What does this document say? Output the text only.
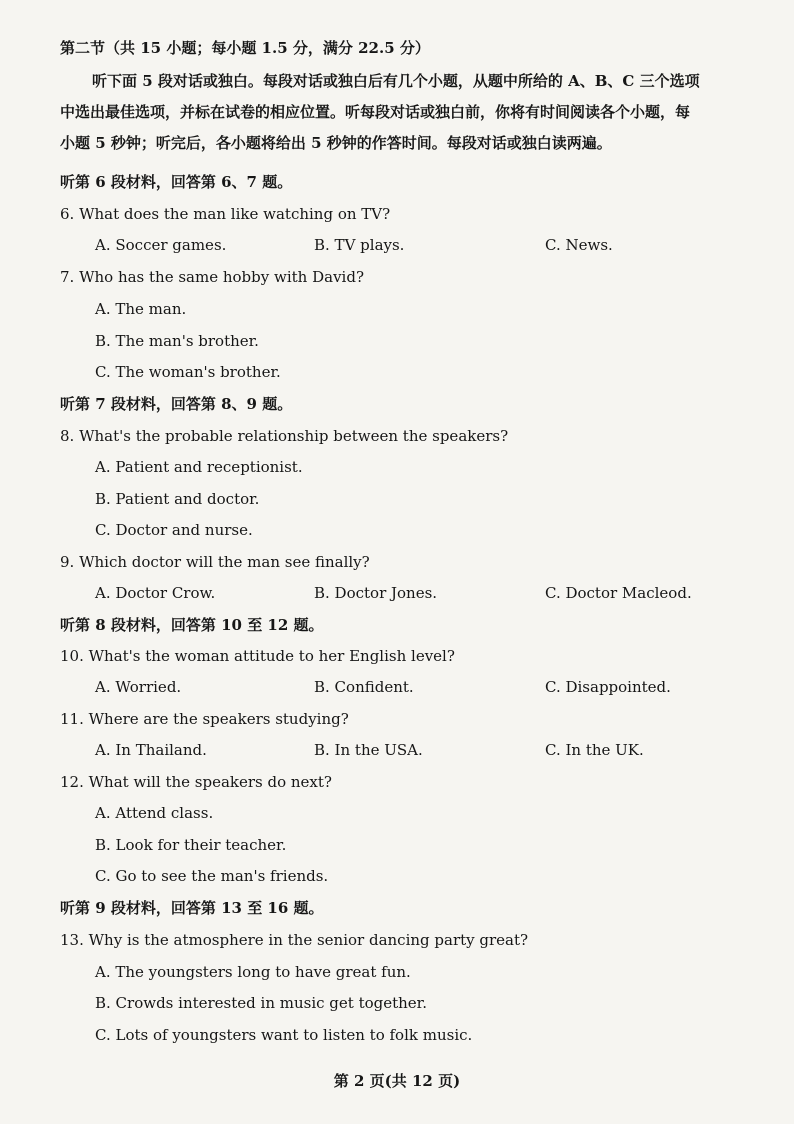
第二节（共 15 小题；每小题 1.5 分，满分 22.5 分）
听下面 5 段对话或独白。每段对话或独白后有几个小题，从题中所给的 A、B、C 三个选项
中选出最佳选项，并标在试卷的相应位置。听每段对话或独白前，你将有时间阅读各个小题，每
小题 5 秒钟；听完后，各小题将给出 5 秒钟的作答时间。每段对话或独白读两遍。
听第 6 段材料，回答第 6、7 题。
6. What does the man like watching on TV?
A. Soccer games.	B. TV plays.	C. News.
7. Who has the same hobby with David?
A. The man.
B. The man's brother.
C. The woman's brother.
听第 7 段材料，回答第 8、9 题。
8. What's the probable relationship between the speakers?
A. Patient and receptionist.
B. Patient and doctor.
C. Doctor and nurse.
9. Which doctor will the man see finally?
A. Doctor Crow.	B. Doctor Jones.	C. Doctor Macleod.
听第 8 段材料，回答第 10 至 12 题。
10. What's the woman attitude to her English level?
A. Worried.	B. Confident.	C. Disappointed.
11. Where are the speakers studying?
A. In Thailand.	B. In the USA.	C. In the UK.
12. What will the speakers do next?
A. Attend class.
B. Look for their teacher.
C. Go to see the man's friends.
听第 9 段材料，回答第 13 至 16 题。
13. Why is the atmosphere in the senior dancing party great?
A. The youngsters long to have great fun.
B. Crowds interested in music get together.
C. Lots of youngsters want to listen to folk music.
第 2 页(共 12 页)
